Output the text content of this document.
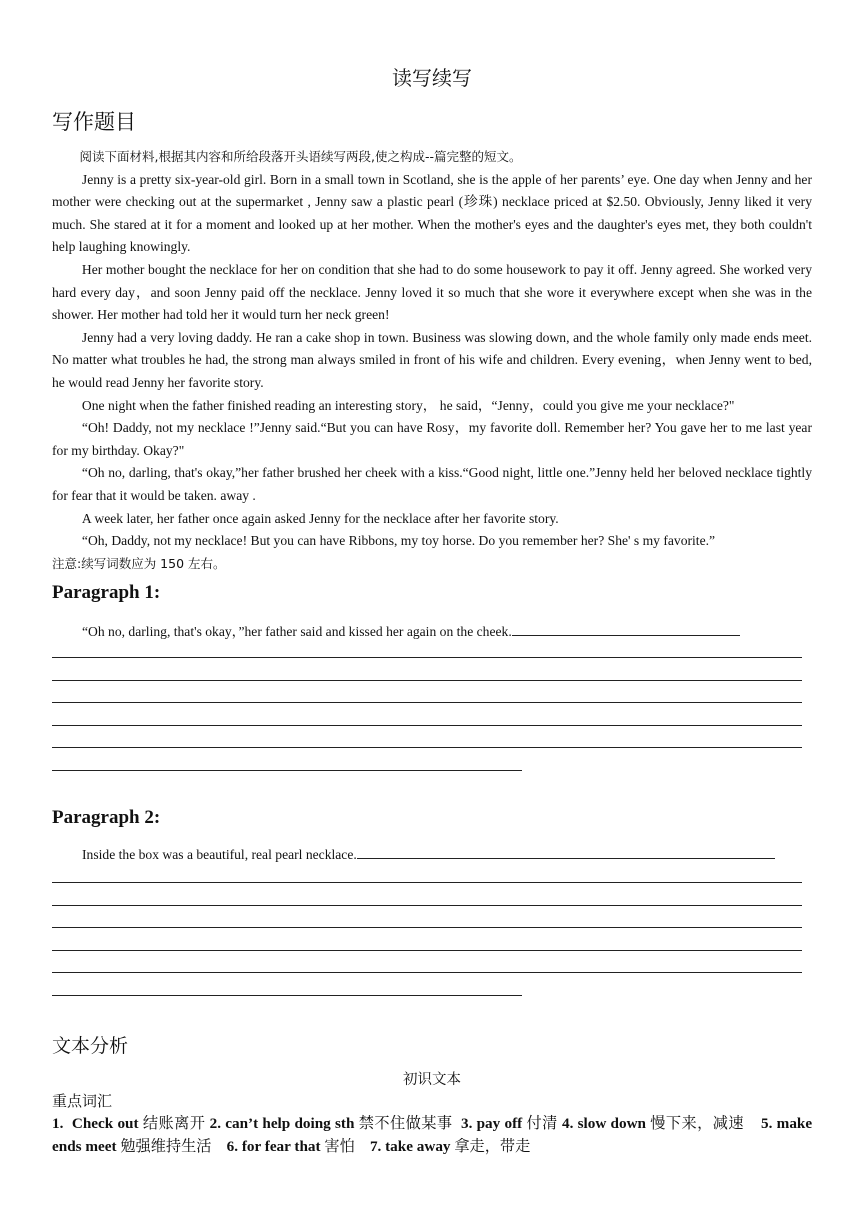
读写续写
写作题目

阅读下面材料,根据其内容和所给段落开头语续写两段,使之构成--篇完整的短文。

Jenny is a pretty six-year-old girl. Born in a small town in Scotland, she is the apple of her parents’ eye. One day when Jenny and her mother were checking out at the supermarket , Jenny saw a plastic pearl (珍珠) necklace priced at $2.50. Obviously, Jenny liked it very much. She stared at it for a moment and looked up at her mother. When the mother's eyes and the daughter's eyes met, they both couldn't help laughing knowingly.

Her mother bought the necklace for her on condition that she had to do some housework to pay it off. Jenny agreed. She worked very hard every day，and soon Jenny paid off the necklace. Jenny loved it so much that she wore it everywhere except when she was in the shower. Her mother had told her it would turn her neck green!

Jenny had a very loving daddy. He ran a cake shop in town. Business was slowing down, and the whole family only made ends meet. No matter what troubles he had, the strong man always smiled in front of his wife and children. Every evening，when Jenny went to bed, he would read Jenny her favorite story.

One night when the father finished reading an interesting story， he said，“Jenny，could you give me your necklace?"

“Oh! Daddy, not my necklace !”Jenny said.“But you can have Rosy，my favorite doll. Remember her? You gave her to me last year for my birthday. Okay?"

“Oh no, darling, that's okay,”her father brushed her cheek with a kiss.“Good night, little one.”Jenny held her beloved necklace tightly for fear that it would be taken. away .

A week later, her father once again asked Jenny for the necklace after her favorite story.

“Oh, Daddy, not my necklace! But you can have Ribbons, my toy horse. Do you remember her? She' s my favorite.”

注意:续写词数应为 150 左右。

Paragraph 1:
“Oh no, darling, that's okay，”her father said and kissed her again on the cheek.
Paragraph 2:
Inside the box was a beautiful, real pearl necklace.
文本分析
初识文本
重点词汇
1. Check out 结账离开 2. can’t help doing sth 禁不住做某事 3. pay off 付清 4. slow down 慢下来，减速 5. make ends meet 勉强维持生活 6. for fear that 害怕 7. take away 拿走，带走
